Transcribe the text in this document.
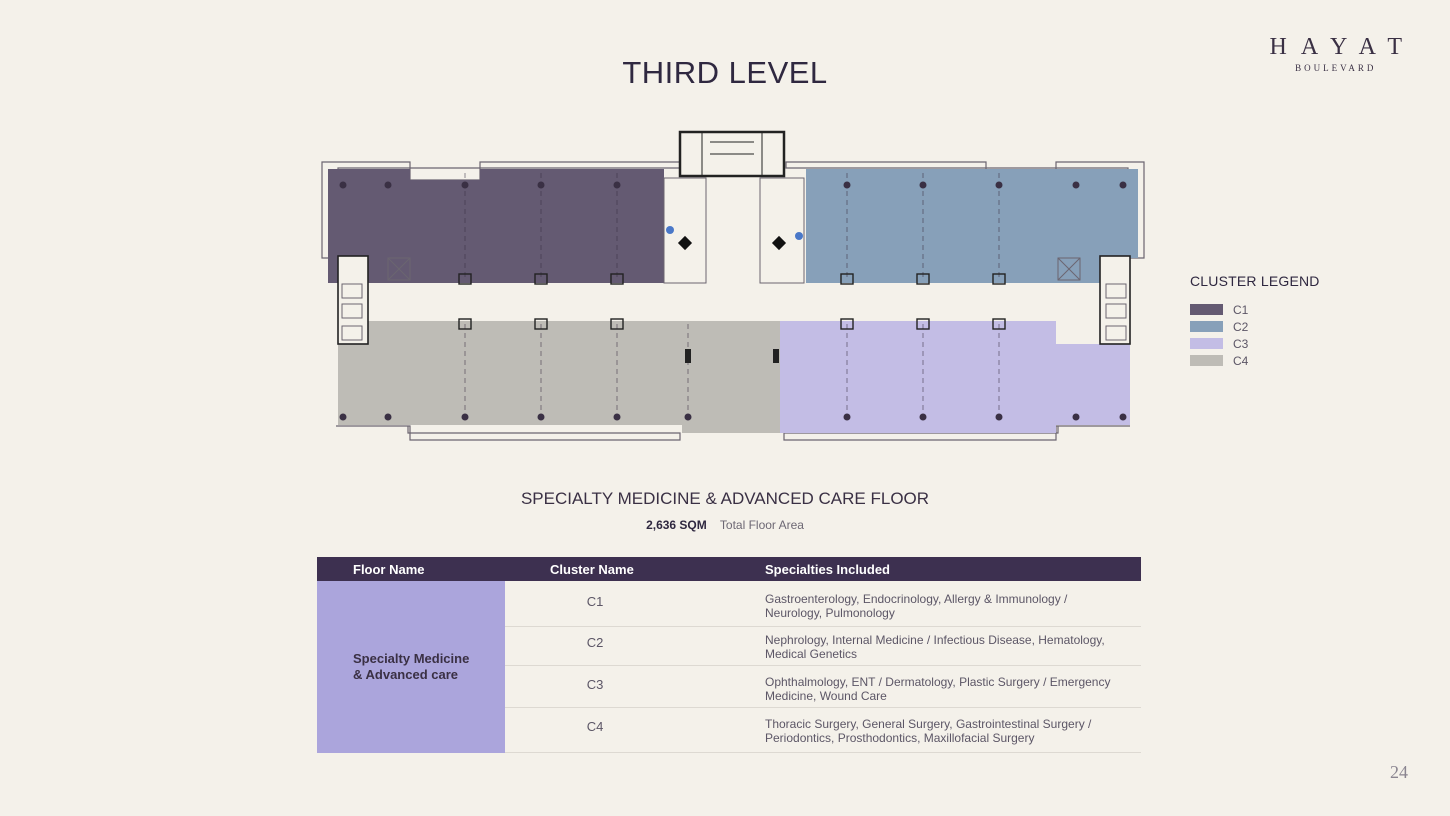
HAYAT
BOULEVARD
THIRD LEVEL
CLUSTER LEGEND
C1
C2
C3
C4
SPECIALTY MEDICINE & ADVANCED CARE FLOOR
2,636 SQM Total Floor Area
Floor Name	Cluster Name	Specialties Included
Specialty Medicine
& Advanced care
C1	Gastroenterology, Endocrinology, Allergy & Immunology /
Neurology, Pulmonology
C2	Nephrology, Internal Medicine / Infectious Disease, Hematology,
Medical Genetics
C3	Ophthalmology, ENT / Dermatology, Plastic Surgery / Emergency
Medicine, Wound Care
C4	Thoracic Surgery, General Surgery, Gastrointestinal Surgery /
Periodontics, Prosthodontics, Maxillofacial Surgery
24
